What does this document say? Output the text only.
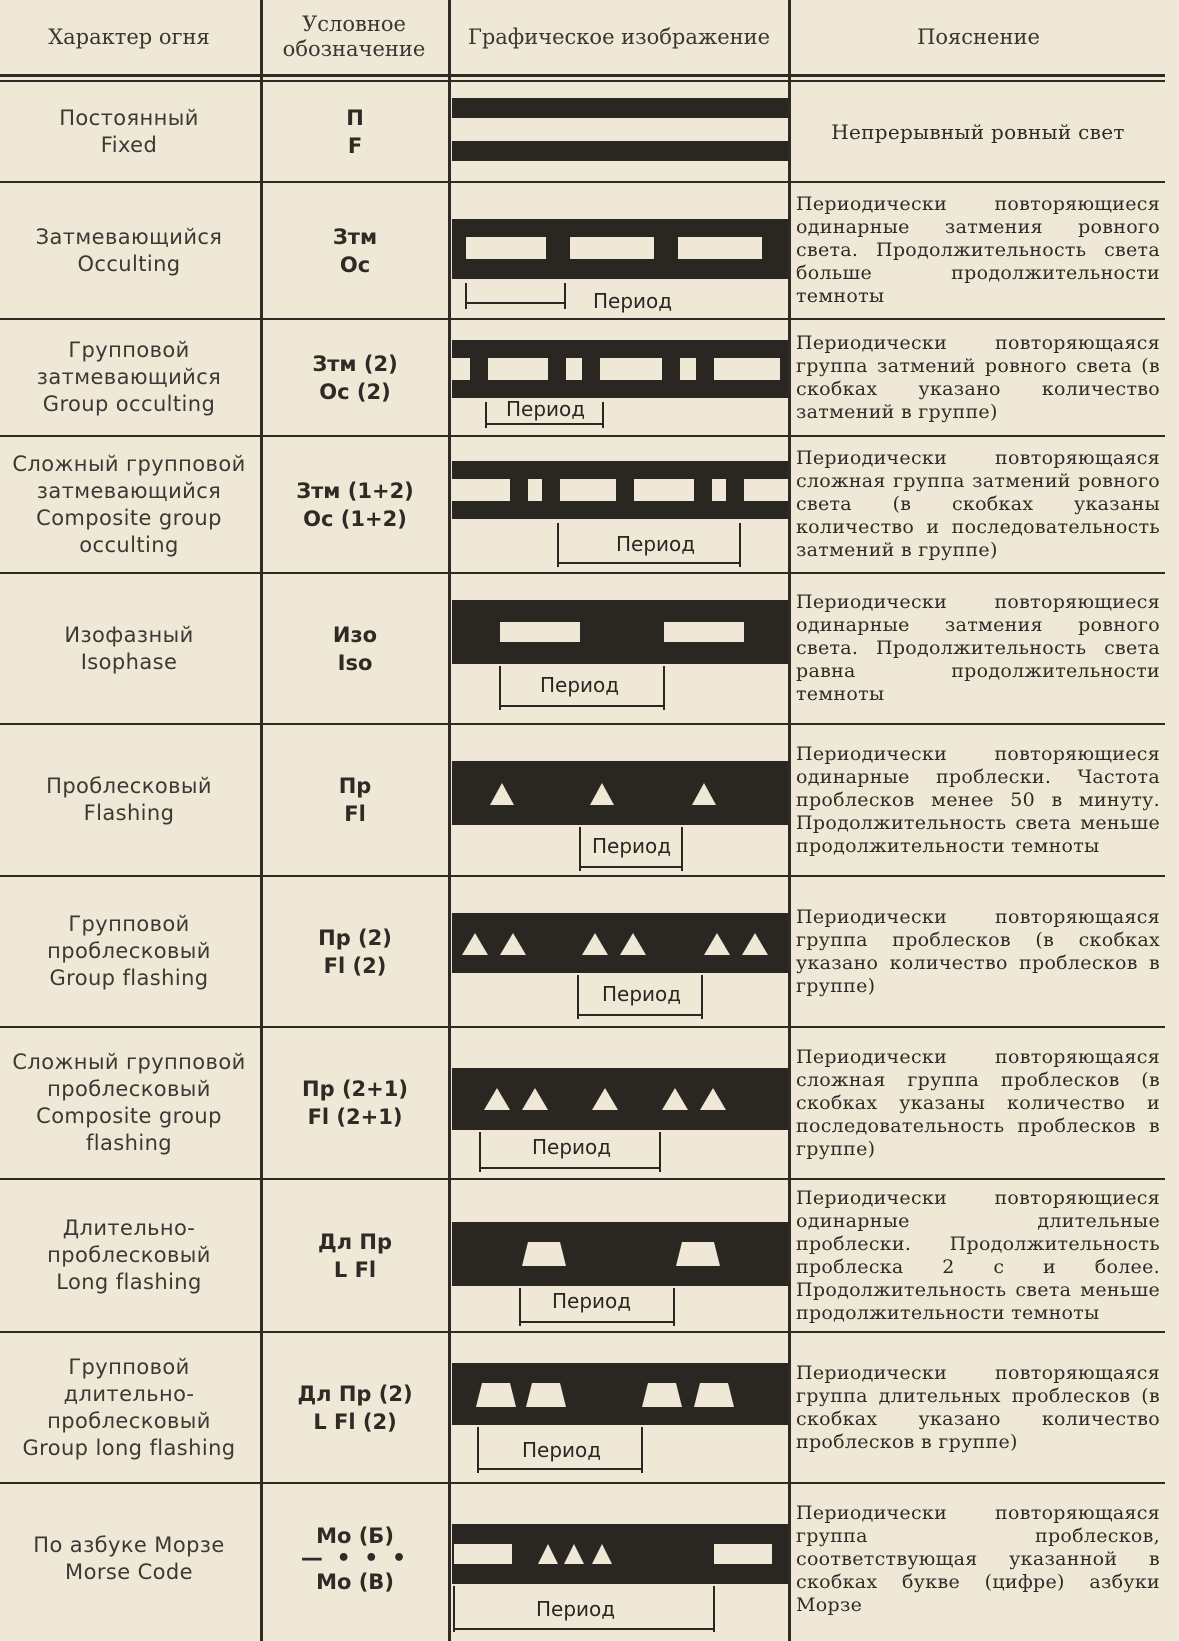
Характер огня
Условное обозначение
Графическое изображение	Пояснение
Постоянный
Fixed
П
F
Непрерывный ровный свет
Затмевающийся
Occulting
Зтм
Oc
Период
Периодически повторяющиеся одинарные затмения ровного света. Продолжительность света больше продолжительности темноты
Групповой затмевающийся
Group occulting
Зтм (2)
Oc (2)
Период
Периодически повторяющаяся группа затмений ровного света (в скобках указано количество затмений в группе)
Сложный групповой затмевающийся
Composite group occulting
Зтм (1+2)
Oc (1+2)
Период
Периодически повторяющаяся сложная группа затмений ровного света (в скобках указаны количество и последовательность затмений в группе)
Изофазный
Isophase
Изо
Iso
Период
Периодически повторяющиеся одинарные затмения ровного света. Продолжительность света равна продолжительности темноты
Проблесковый
Flashing
Пр
Fl
Период
Периодически повторяющиеся одинарные проблески. Частота проблесков менее 50 в минуту. Продолжительность света меньше продолжительности темноты
Групповой проблесковый
Group flashing
Пр (2)
Fl (2)
Период
Периодически повторяющаяся группа проблесков (в скобках указано количество проблесков в группе)
Сложный групповой проблесковый
Composite group flashing
Пр (2+1)
Fl (2+1)
Период
Периодически повторяющаяся сложная группа проблесков (в скобках указаны количество и последовательность проблесков в группе)
Длительно-проблесковый
Long flashing
Дл Пр
L Fl
Период
Периодически повторяющиеся одинарные длительные проблески. Продолжительность проблеска 2 с и более. Продолжительность света меньше продолжительности темноты
Групповой длительно-проблесковый
Group long flashing
Дл Пр (2)
L Fl (2)
Период
Периодически повторяющаяся группа длительных проблесков (в скобках указано количество проблесков в группе)
По азбуке Морзе
Morse Code
Мо (Б)
— • • •
Мо (В)
Период
Периодически повторяющаяся группа проблесков, соответствующая указанной в скобках букве (цифре) азбуки Морзе
